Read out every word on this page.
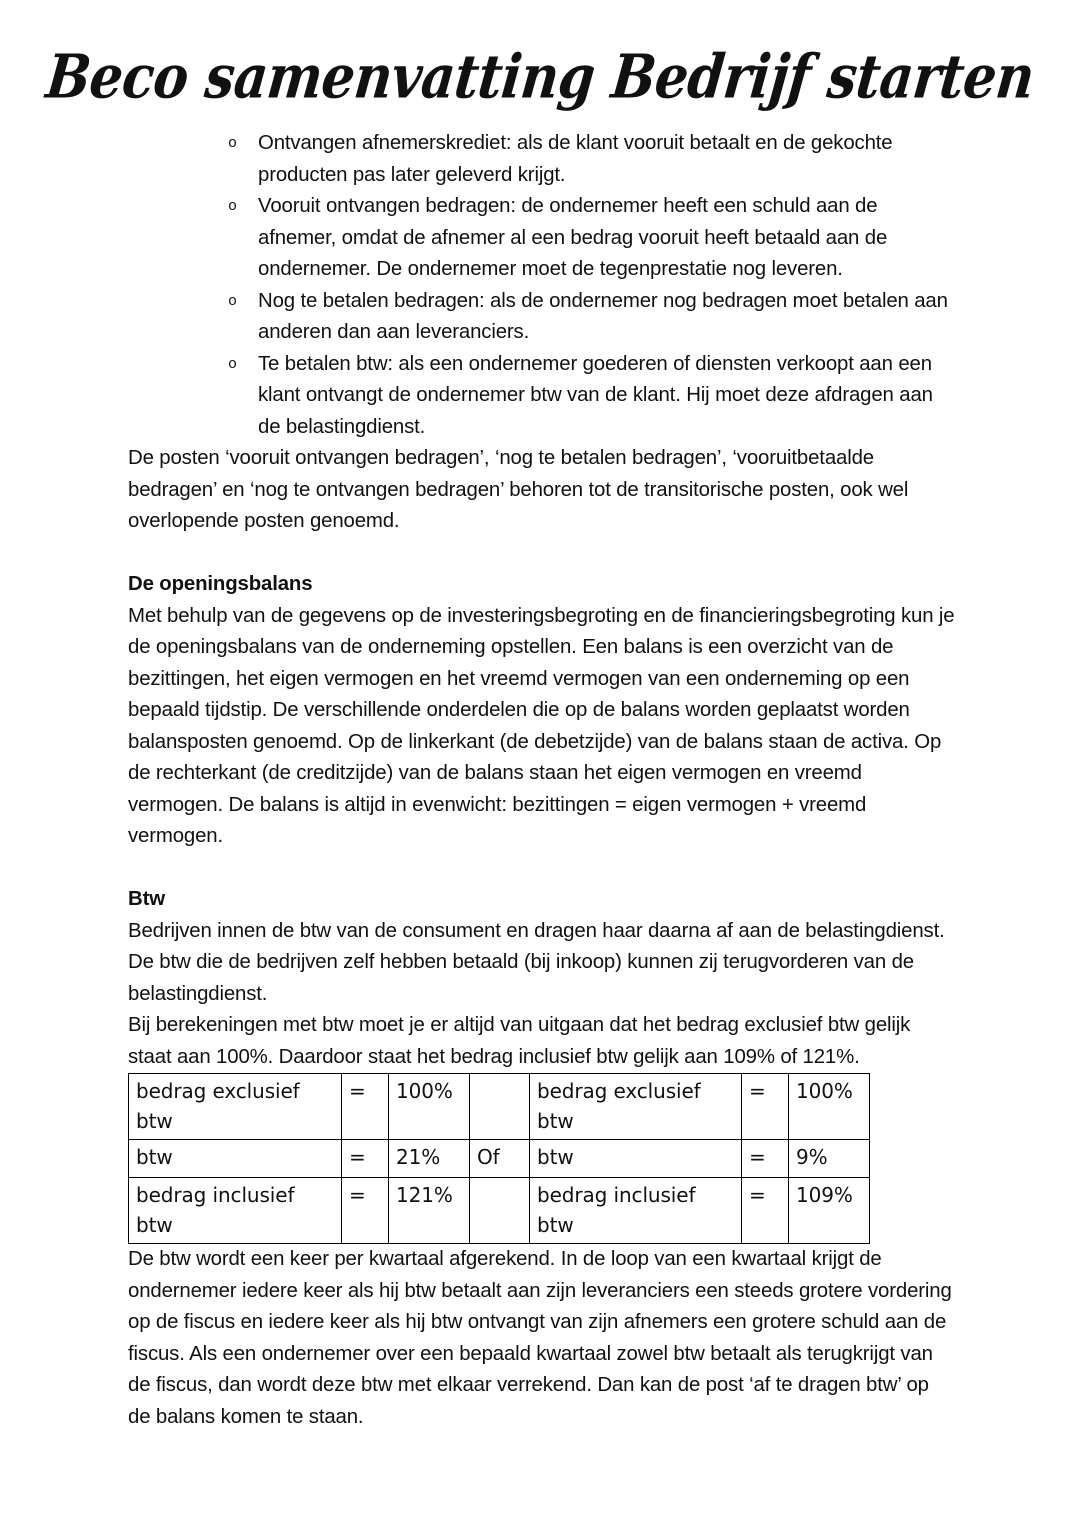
Beco samenvatting Bedrijf starten
o Ontvangen afnemerskrediet: als de klant vooruit betaalt en de gekochte producten pas later geleverd krijgt.
o Vooruit ontvangen bedragen: de ondernemer heeft een schuld aan de afnemer, omdat de afnemer al een bedrag vooruit heeft betaald aan de ondernemer. De ondernemer moet de tegenprestatie nog leveren.
o Nog te betalen bedragen: als de ondernemer nog bedragen moet betalen aan anderen dan aan leveranciers.
o Te betalen btw: als een ondernemer goederen of diensten verkoopt aan een klant ontvangt de ondernemer btw van de klant. Hij moet deze afdragen aan de belastingdienst.

De posten ‘vooruit ontvangen bedragen’, ‘nog te betalen bedragen’, ‘vooruitbetaalde bedragen’ en ‘nog te ontvangen bedragen’ behoren tot de transitorische posten, ook wel overlopende posten genoemd.

De openingsbalans

Met behulp van de gegevens op de investeringsbegroting en de financieringsbegroting kun je de openingsbalans van de onderneming opstellen. Een balans is een overzicht van de bezittingen, het eigen vermogen en het vreemd vermogen van een onderneming op een bepaald tijdstip. De verschillende onderdelen die op de balans worden geplaatst worden balansposten genoemd. Op de linkerkant (de debetzijde) van de balans staan de activa. Op de rechterkant (de creditzijde) van de balans staan het eigen vermogen en vreemd vermogen. De balans is altijd in evenwicht: bezittingen = eigen vermogen + vreemd vermogen.

Btw

Bedrijven innen de btw van de consument en dragen haar daarna af aan de belastingdienst. De btw die de bedrijven zelf hebben betaald (bij inkoop) kunnen zij terugvorderen van de belastingdienst.

Bij berekeningen met btw moet je er altijd van uitgaan dat het bedrag exclusief btw gelijk staat aan 100%. Daardoor staat het bedrag inclusief btw gelijk aan 109% of 121%.

bedrag exclusief btw	=	100%		bedrag exclusief btw	=	100%
btw	=	21%	Of	btw	=	9%
bedrag inclusief btw	=	121%		bedrag inclusief btw	=	109%

De btw wordt een keer per kwartaal afgerekend. In de loop van een kwartaal krijgt de ondernemer iedere keer als hij btw betaalt aan zijn leveranciers een steeds grotere vordering op de fiscus en iedere keer als hij btw ontvangt van zijn afnemers een grotere schuld aan de fiscus. Als een ondernemer over een bepaald kwartaal zowel btw betaalt als terugkrijgt van de fiscus, dan wordt deze btw met elkaar verrekend. Dan kan de post ‘af te dragen btw’ op de balans komen te staan.
